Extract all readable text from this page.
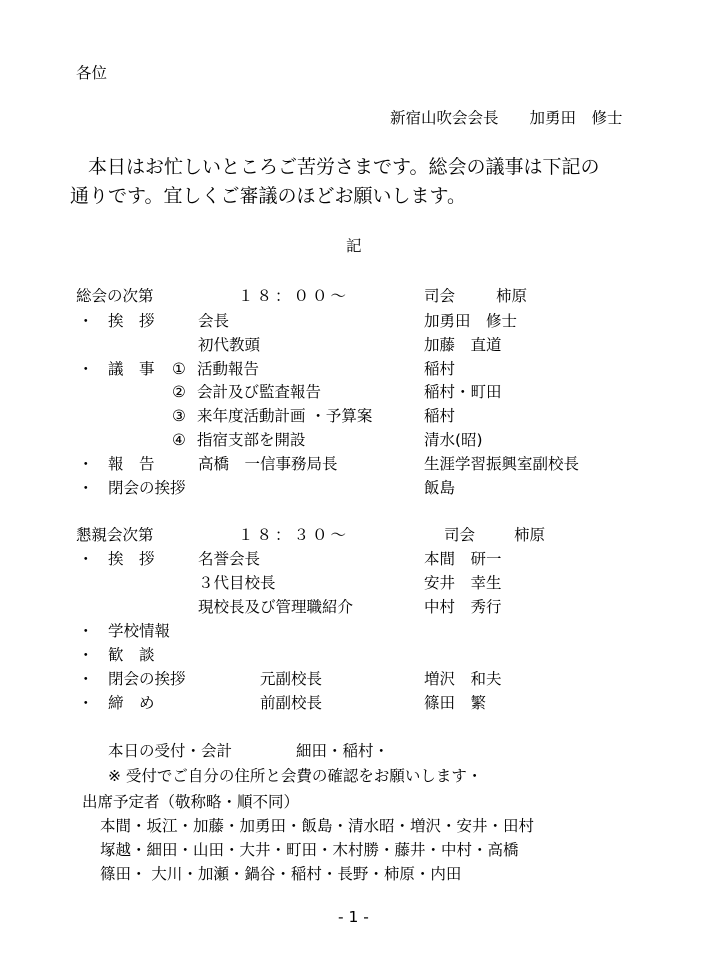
各位
新宿山吹会会長　　加勇田　修士
本日はお忙しいところご苦労さまです。総会の議事は下記の
通りです。宜しくご審議のほどお願いします。
記
総会の次第	１８：００〜	司会	柿原
・ 挨　拶	会長	加勇田　修士
初代教頭	加藤　直道
・ 議　事 ① 活動報告	稲村
② 会計及び監査報告	稲村・町田
③ 来年度活動計画 ・予算案	稲村
④ 指宿支部を開設	清水(昭)
・ 報　告	高橋　一信事務局長	生涯学習振興室副校長
・ 閉会の挨拶	飯島
懇親会次第	１８：３０〜	司会	柿原
・ 挨　拶	名誉会長	本間　研一
３代目校長	安井　幸生
現校長及び管理職紹介	中村　秀行
・ 学校情報
・ 歓　談
・ 閉会の挨拶	元副校長	増沢　和夫
・ 締　め	前副校長	篠田　繁
本日の受付・会計	細田・稲村・
※ 受付でご自分の住所と会費の確認をお願いします・
出席予定者（敬称略・順不同）
本間・坂江・加藤・加勇田・飯島・清水昭・増沢・安井・田村
塚越・細田・山田・大井・町田・木村勝・藤井・中村・高橋
篠田・ 大川・加瀬・鍋谷・稲村・長野・柿原・内田
- 1 -
